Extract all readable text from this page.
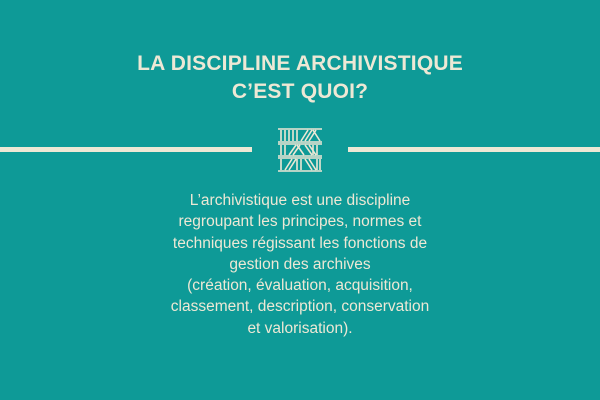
LA DISCIPLINE ARCHIVISTIQUE
C’EST QUOI?
L’archivistique est une discipline
regroupant les principes, normes et
techniques régissant les fonctions de
gestion des archives
(création, évaluation, acquisition,
classement, description, conservation
et valorisation).
